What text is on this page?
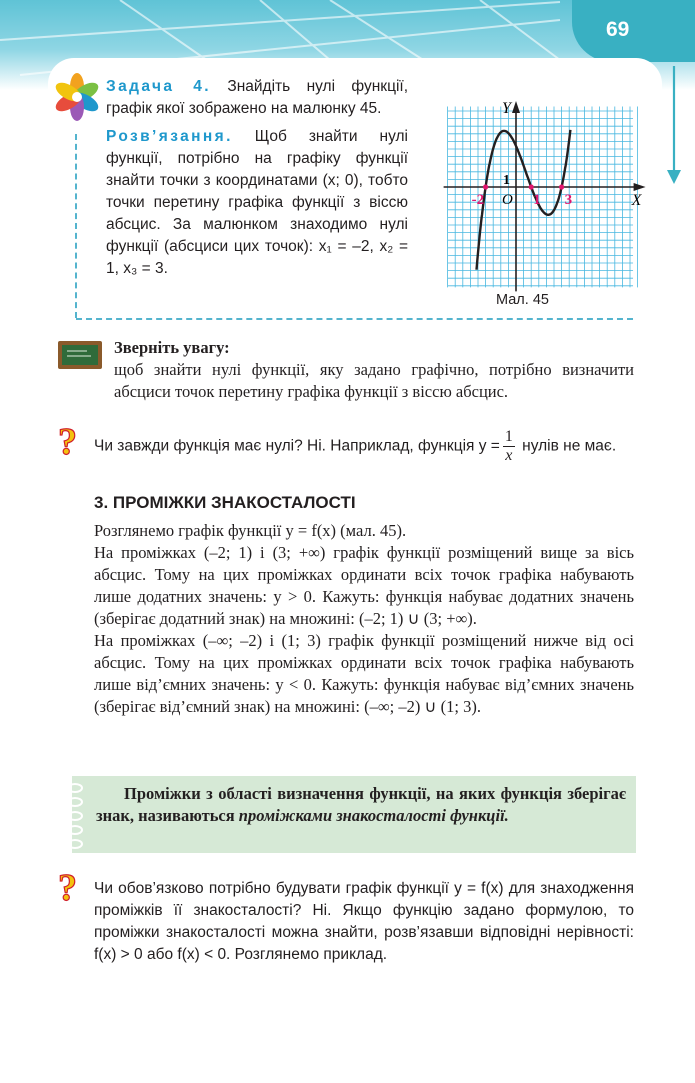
69

Задача 4. Знайдіть нулі функції, графік якої зображено на малюнку 45.

Розв’язання. Щоб знайти нулі функції, потрібно на графіку функції знайти точки з координатами (x; 0), тобто точки перетину графіка функції з віссю абсцис. За малюнком знаходимо нулі функції (абсциси цих точок): x₁ = –2, x₂ = 1, x₃ = 3.

Y
X
O
1
-2	1 3
Мал. 45

Зверніть увагу:

щоб знайти нулі функції, яку задано графічно, потрібно визначити абсциси точок перетину графіка функції з віссю абсцис.

? Чи завжди функція має нулі? Ні. Наприклад, функція $y = \frac{1}{x}$ нулів не має.

3. ПРОМІЖКИ ЗНАКОСТАЛОСТІ

Розглянемо графік функції y = f(x) (мал. 45).

На проміжках (–2; 1) і (3; +∞) графік функції розміщений вище за вісь абсцис. Тому на цих проміжках ординати всіх точок графіка набувають лише додатних значень: y > 0. Кажуть: функція набуває додатних значень (зберігає додатний знак) на множині: (–2; 1) ∪ (3; +∞).

На проміжках (–∞; –2) і (1; 3) графік функції розміщений нижче від осі абсцис. Тому на цих проміжках ординати всіх точок графіка набувають лише від’ємних значень: y < 0. Кажуть: функція набуває від’ємних значень (зберігає від’ємний знак) на множині: (–∞; –2) ∪ (1; 3).

Проміжки з області визначення функції, на яких функція зберігає знак, називаються проміжками знакосталості функції.

? Чи обов’язково потрібно будувати графік функції y = f(x) для знаходження проміжків її знакосталості? Ні. Якщо функцію задано формулою, то проміжки знакосталості можна знайти, розв’язавши відповідні нерівності: f(x) > 0 або f(x) < 0. Розглянемо приклад.
